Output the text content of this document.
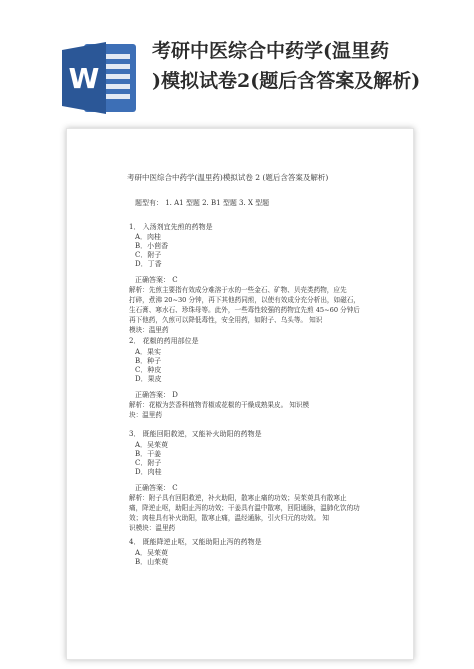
W
考研中医综合中药学(温里药
)模拟试卷2(题后含答案及解析)
考研中医综合中药学(温里药)模拟试卷 2 (题后含答案及解析)
题型有： 1. A1 型题 2. B1 型题 3. X 型题
1． 入汤剂宜先煎的药物是
A．肉桂
B．小茴香
C．附子
D．丁香
正确答案： C
解析：先煎主要指有效成分难溶于水的一些金石、矿物、贝壳类药物，应先
打碎，煮沸 20~30 分钟，再下其他药同煎，以使有效成分充分析出，如磁石，
生石膏、寒水石、珍珠母等。此外，一些毒性较强的药物宜先煎 45~60 分钟后
再下他药，久煎可以降低毒性，安全用药，如附子、乌头等。 知识
模块：温里药
2． 花椒的药用部位是
A．果实
B．种子
C．种皮
D．果皮
正确答案： D
解析：花椒为芸香科植物青椒或花椒的干燥成熟果皮。 知识模
块：温里药
3． 既能回阳救逆，又能补火助阳的药物是
A．吴茱萸
B．干姜
C．附子
D．肉桂
正确答案： C
解析：附子具有回阳救逆，补火助阳，散寒止痛的功效；吴茱萸具有散寒止
痛，降逆止呕，助阳止泻的功效；干姜具有温中散寒，回阳通脉，温肺化饮的功
效；肉桂具有补火助阳，散寒止痛，温经通脉，引火归元的功效。 知
识模块：温里药
4． 既能降逆止呕，又能助阳止泻的药物是
A．吴茱萸
B．山茱萸
